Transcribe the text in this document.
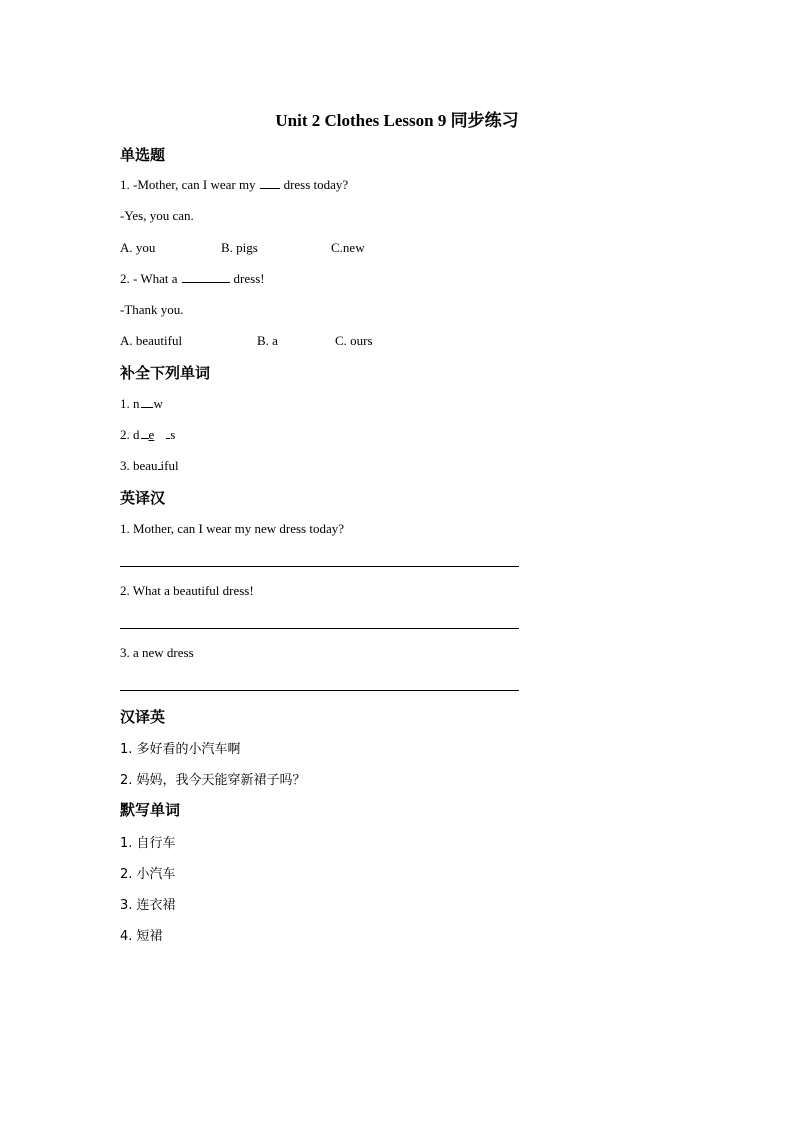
Unit 2 Clothes Lesson 9 同步练习
单选题
1. -Mother, can I wear my dress today?
-Yes, you can.
A. you	B. pigs	C.new
2. - What a	dress!
-Thank you.
A. beautiful	B. a	C. ours
补全下列单词
1. n w
2. d e s
3. beau iful
英译汉
1. Mother, can I wear my new dress today?
2. What a beautiful dress!
3. a new dress
汉译英
1. 多好看的小汽车啊
2. 妈妈，我今天能穿新裙子吗？
默写单词
1. 自行车
2. 小汽车
3. 连衣裙
4. 短裙
